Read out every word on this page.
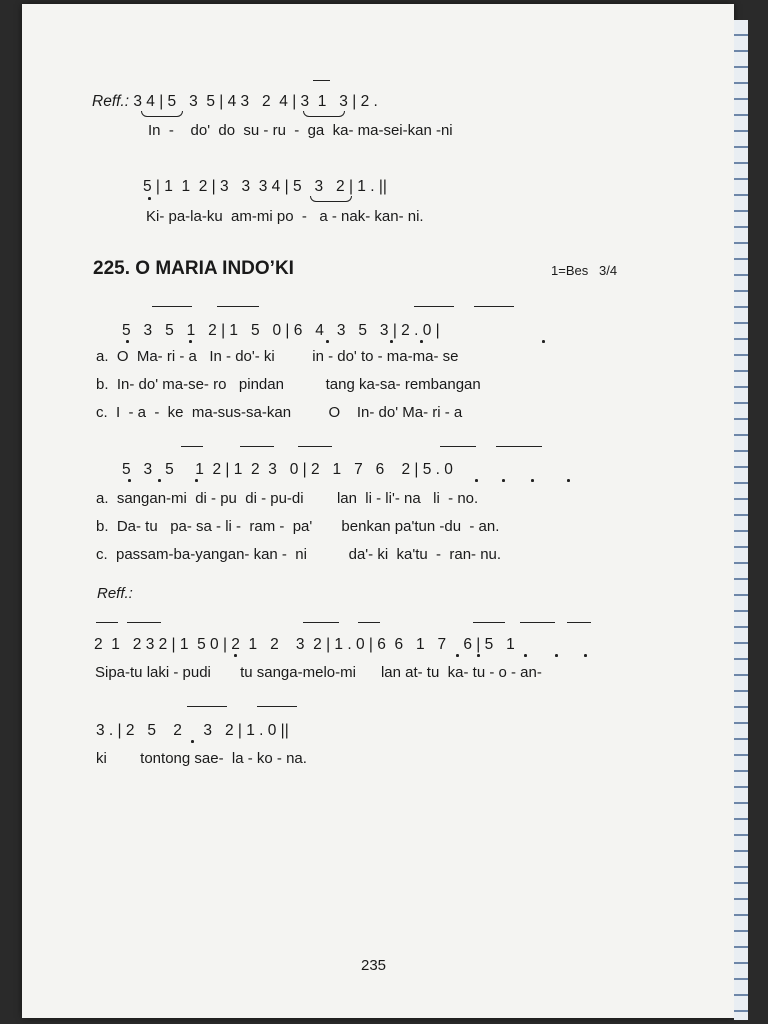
Reff.: 3 4 | 5   3  5 | 4 3   2  4 | 3  1   3 | 2 .
In  -    do'  do  su - ru  -  ga  ka- ma-sei-kan -ni
5 | 1  1  2 | 3   3  3 4 | 5   3   2 | 1 . ||
Ki- pa-la-ku  am-mi po  -   a - nak- kan- ni.
225. O MARIA INDO’KI	1=Bes   3/4
5   3   5   1   2 | 1   5   0 | 6   4   3   5   3 | 2 . 0 |
a.  O  Ma- ri - a   In - do'- ki         in - do' to - ma-ma- se
b.  In- do' ma-se- ro   pindan          tang ka-sa- rembangan
c.  I  - a  -  ke  ma-sus-sa-kan         O    In- do' Ma- ri - a
5   3   5     1  2 | 1  2  3   0 | 2   1   7   6    2 | 5 . 0
a.  sangan-mi  di - pu  di - pu-di        lan  li - li'- na   li  - no.
b.  Da- tu   pa- sa - li -  ram -  pa'       benkan pa'tun -du  - an.
c.  passam-ba-yangan- kan -  ni          da'- ki  ka'tu  -  ran- nu.
Reff.:
2  1   2 3 2 | 1  5 0 | 2  1   2    3  2 | 1 . 0 | 6  6   1   7    6 | 5   1
Sipa-tu laki - pudi       tu sanga-melo-mi      lan at- tu  ka- tu - o - an-
3 . | 2   5    2     3   2 | 1 . 0 ||
ki        tontong sae-  la - ko - na.
235
